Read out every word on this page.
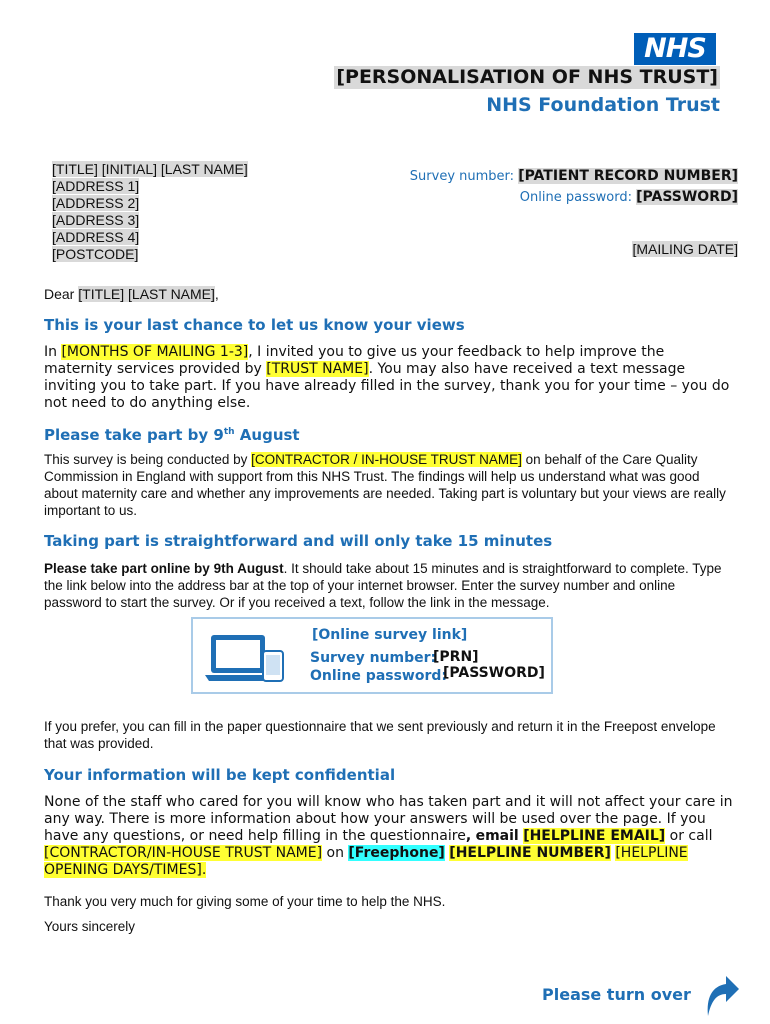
NHS
[PERSONALISATION OF NHS TRUST]
NHS Foundation Trust
[TITLE] [INITIAL] [LAST NAME]
[ADDRESS 1]
[ADDRESS 2]
[ADDRESS 3]
[ADDRESS 4]
[POSTCODE]
Survey number: [PATIENT RECORD NUMBER]
Online password: [PASSWORD]
[MAILING DATE]
Dear [TITLE] [LAST NAME],
This is your last chance to let us know your views
In [MONTHS OF MAILING 1-3], I invited you to give us your feedback to help improve the maternity services provided by [TRUST NAME]. You may also have received a text message inviting you to take part. If you have already filled in the survey, thank you for your time – you do not need to do anything else.
Please take part by 9th August
This survey is being conducted by [CONTRACTOR / IN-HOUSE TRUST NAME] on behalf of the Care Quality Commission in England with support from this NHS Trust. The findings will help us understand what was good about maternity care and whether any improvements are needed. Taking part is voluntary but your views are really important to us.
Taking part is straightforward and will only take 15 minutes
Please take part online by 9th August. It should take about 15 minutes and is straightforward to complete. Type the link below into the address bar at the top of your internet browser. Enter the survey number and online password to start the survey. Or if you received a text, follow the link in the message.
[Online survey link]
Survey number:
[PRN]
Online password:
[PASSWORD]
If you prefer, you can fill in the paper questionnaire that we sent previously and return it in the Freepost envelope that was provided.
Your information will be kept confidential
None of the staff who cared for you will know who has taken part and it will not affect your care in any way. There is more information about how your answers will be used over the page. If you have any questions, or need help filling in the questionnaire, email [HELPLINE EMAIL] or call [CONTRACTOR/IN-HOUSE TRUST NAME] on [Freephone] [HELPLINE NUMBER] [HELPLINE OPENING DAYS/TIMES].
Thank you very much for giving some of your time to help the NHS.
Yours sincerely
Please turn over
